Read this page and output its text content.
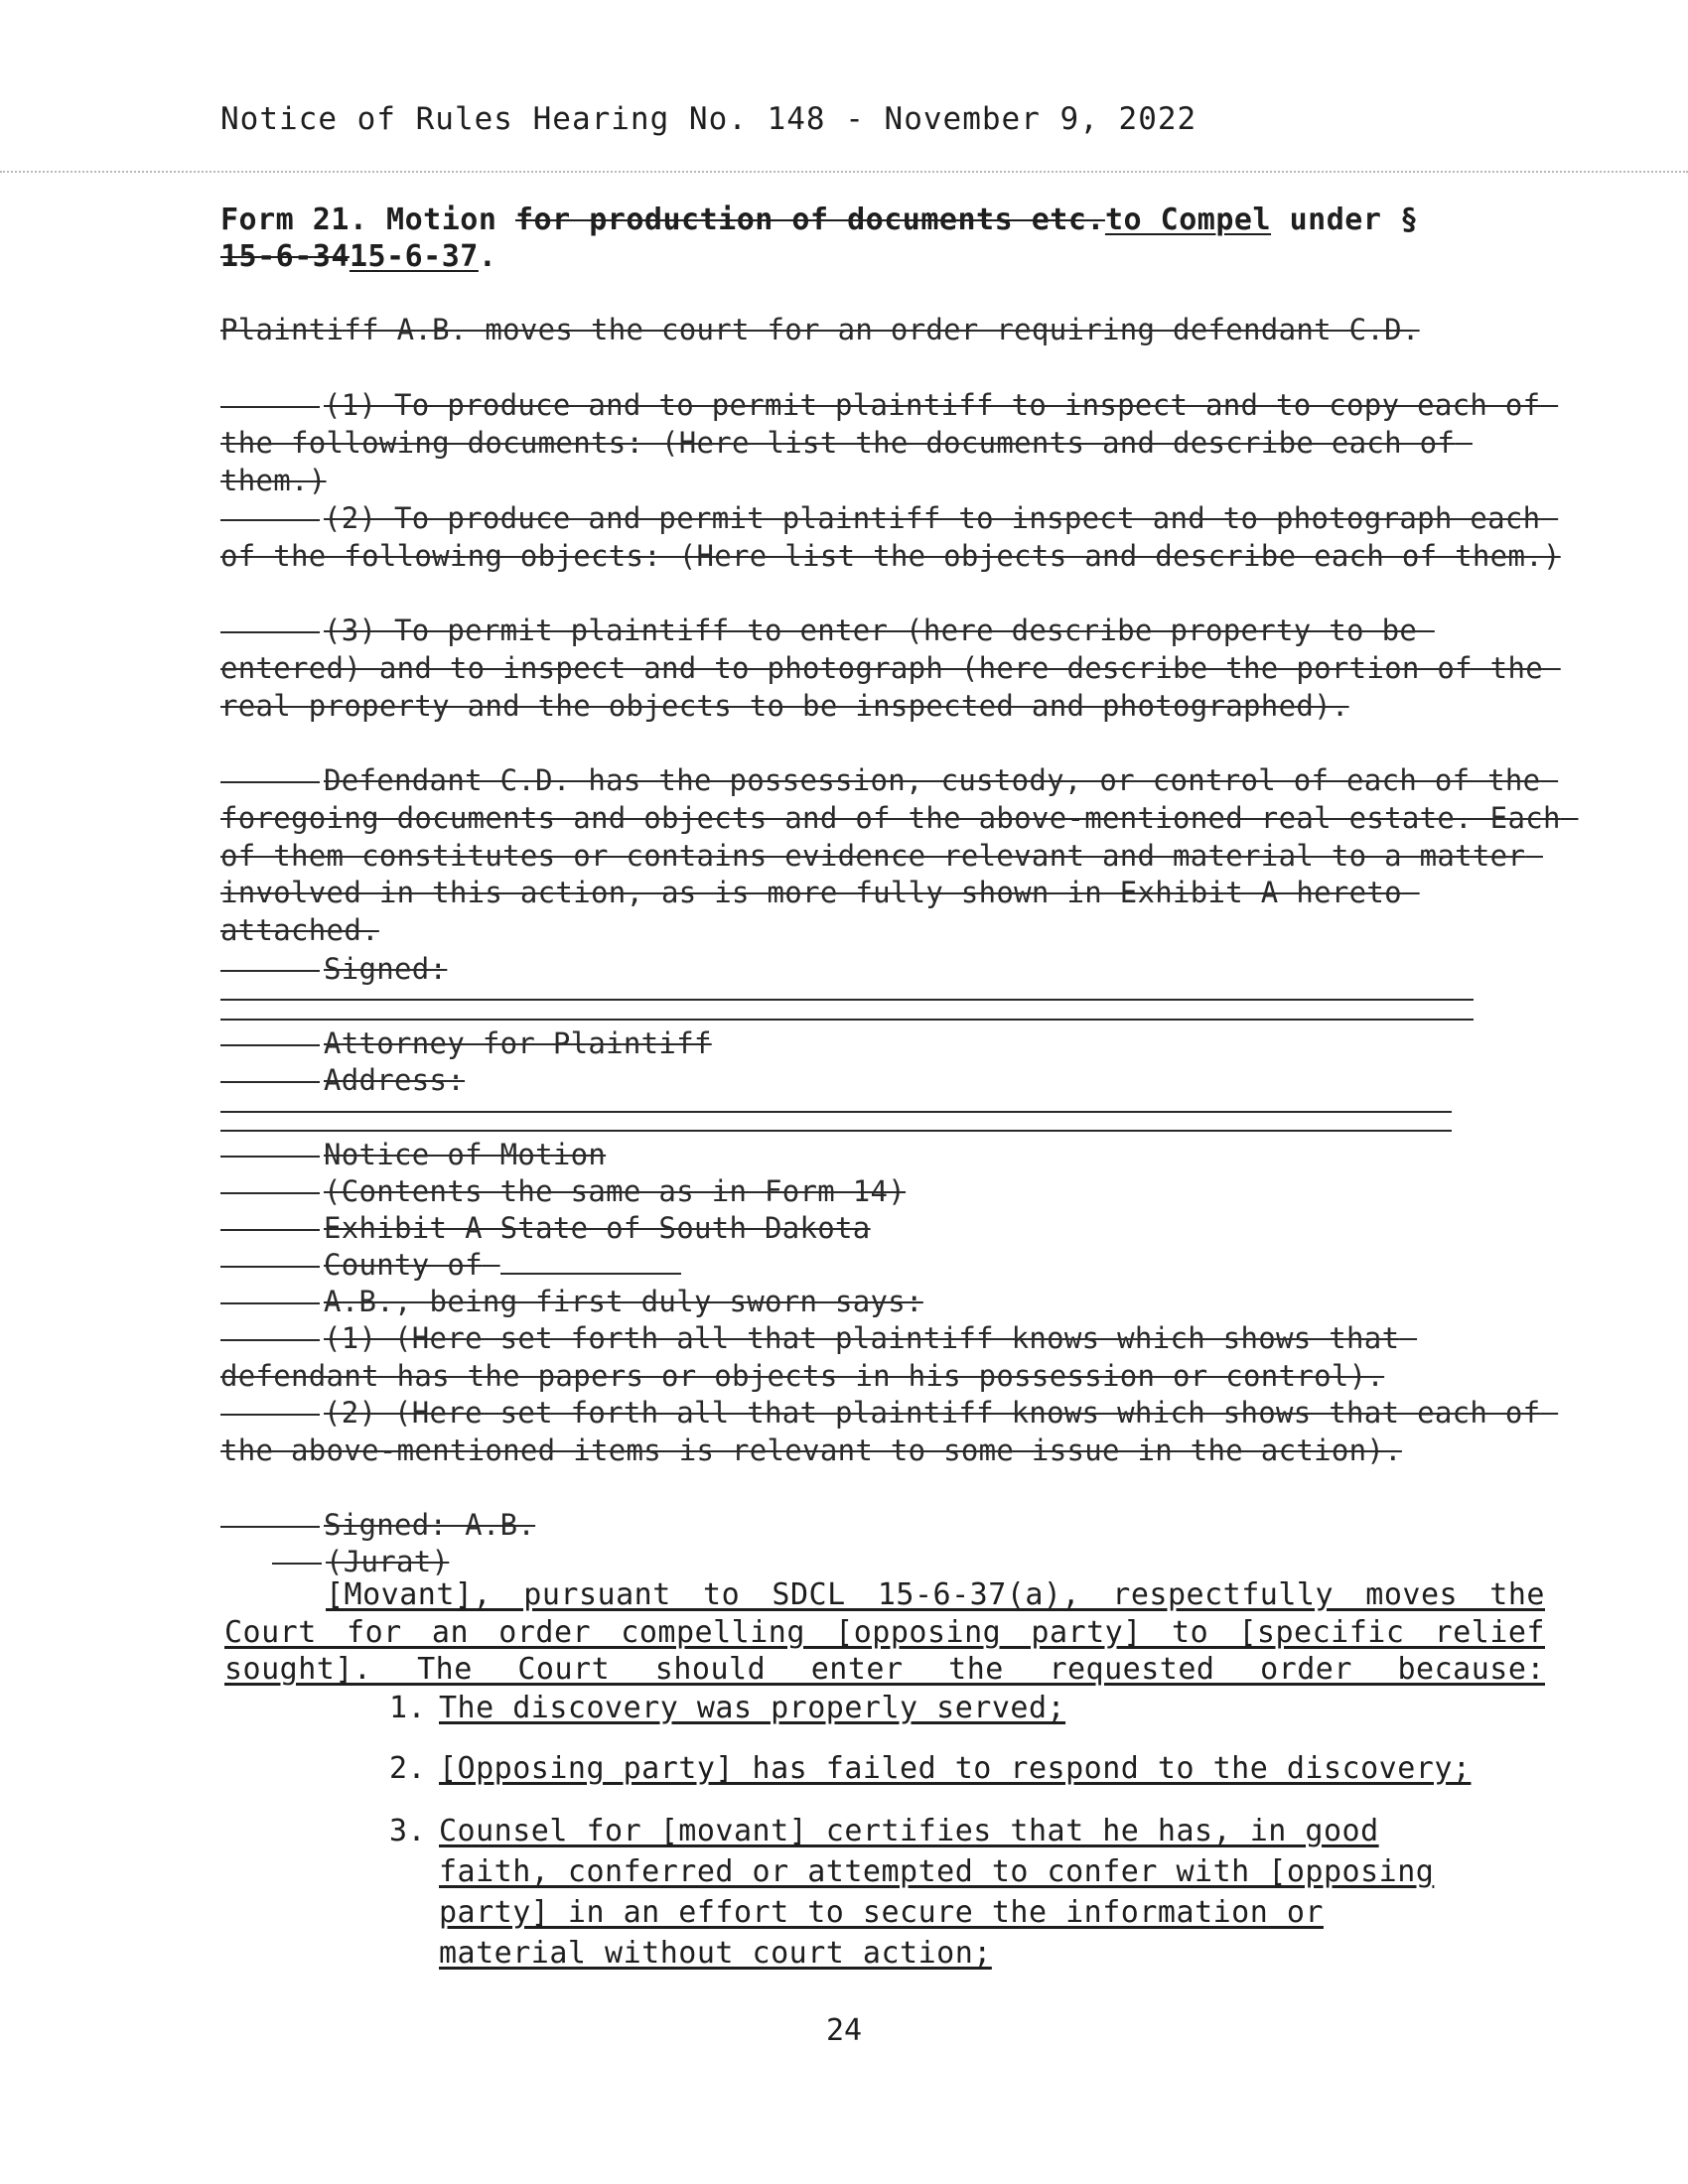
Notice of Rules Hearing No. 148 - November 9, 2022
Form 21. Motion for production of documents etc.to Compel under §
15-6-3415-6-37.
Plaintiff A.B. moves the court for an order requiring defendant C.D.
(1) To produce and to permit plaintiff to inspect and to copy each of the following documents: (Here list the documents and describe each of them.)
(2) To produce and permit plaintiff to inspect and to photograph each of the following objects: (Here list the objects and describe each of them.)
(3) To permit plaintiff to enter (here describe property to be entered) and to inspect and to photograph (here describe the portion of the real property and the objects to be inspected and photographed).
Defendant C.D. has the possession, custody, or control of each of the foregoing documents and objects and of the above-mentioned real estate. Each of them constitutes or contains evidence relevant and material to a matter involved in this action, as is more fully shown in Exhibit A hereto attached.
Signed:
Attorney for Plaintiff
Address:
Notice of Motion
(Contents the same as in Form 14)
Exhibit A State of South Dakota
County of
A.B., being first duly sworn says:
(1) (Here set forth all that plaintiff knows which shows that defendant has the papers or objects in his possession or control).
(2) (Here set forth all that plaintiff knows which shows that each of the above-mentioned items is relevant to some issue in the action).
Signed: A.B.
(Jurat)
[Movant], pursuant to SDCL 15-6-37(a), respectfully moves the
Court for an order compelling [opposing party] to [specific relief
sought]. The Court should enter the requested order because:
1. The discovery was properly served;
2. [Opposing party] has failed to respond to the discovery;
3. Counsel for [movant] certifies that he has, in good
faith, conferred or attempted to confer with [opposing
party] in an effort to secure the information or
material without court action;
24
